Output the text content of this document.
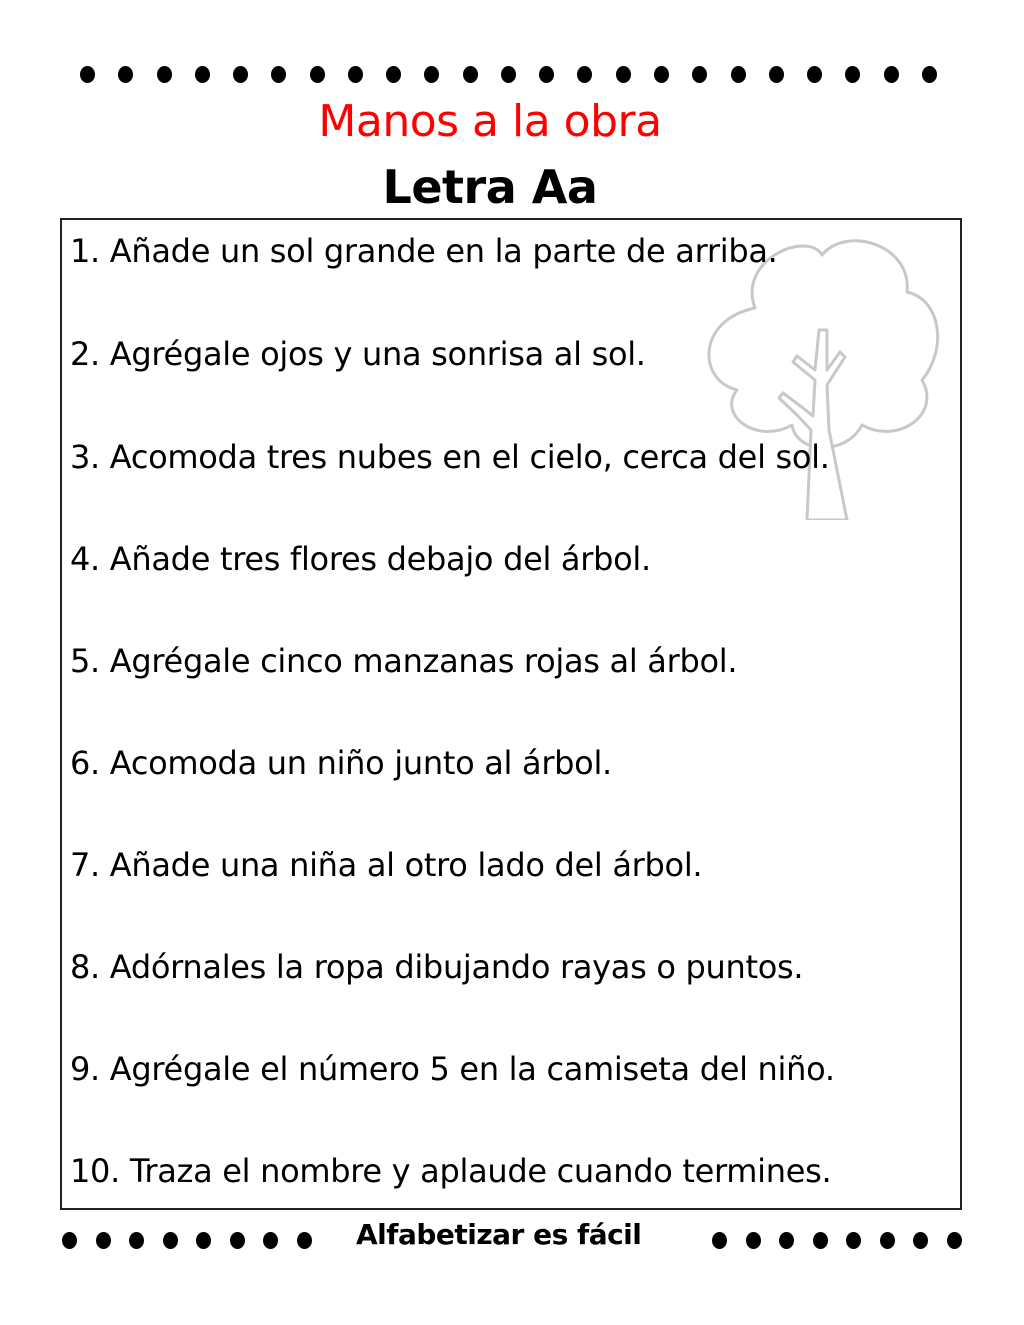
Manos a la obra
Letra Aa
1. Añade un sol grande en la parte de arriba.
2. Agrégale ojos y una sonrisa al sol.
3. Acomoda tres nubes en el cielo, cerca del sol.
4. Añade tres flores debajo del árbol.
5. Agrégale cinco manzanas rojas al árbol.
6. Acomoda un niño junto al árbol.
7. Añade una niña al otro lado del árbol.
8. Adórnales la ropa dibujando rayas o puntos.
9. Agrégale el número 5 en la camiseta del niño.
10. Traza el nombre y aplaude cuando termines.
Alfabetizar es fácil
